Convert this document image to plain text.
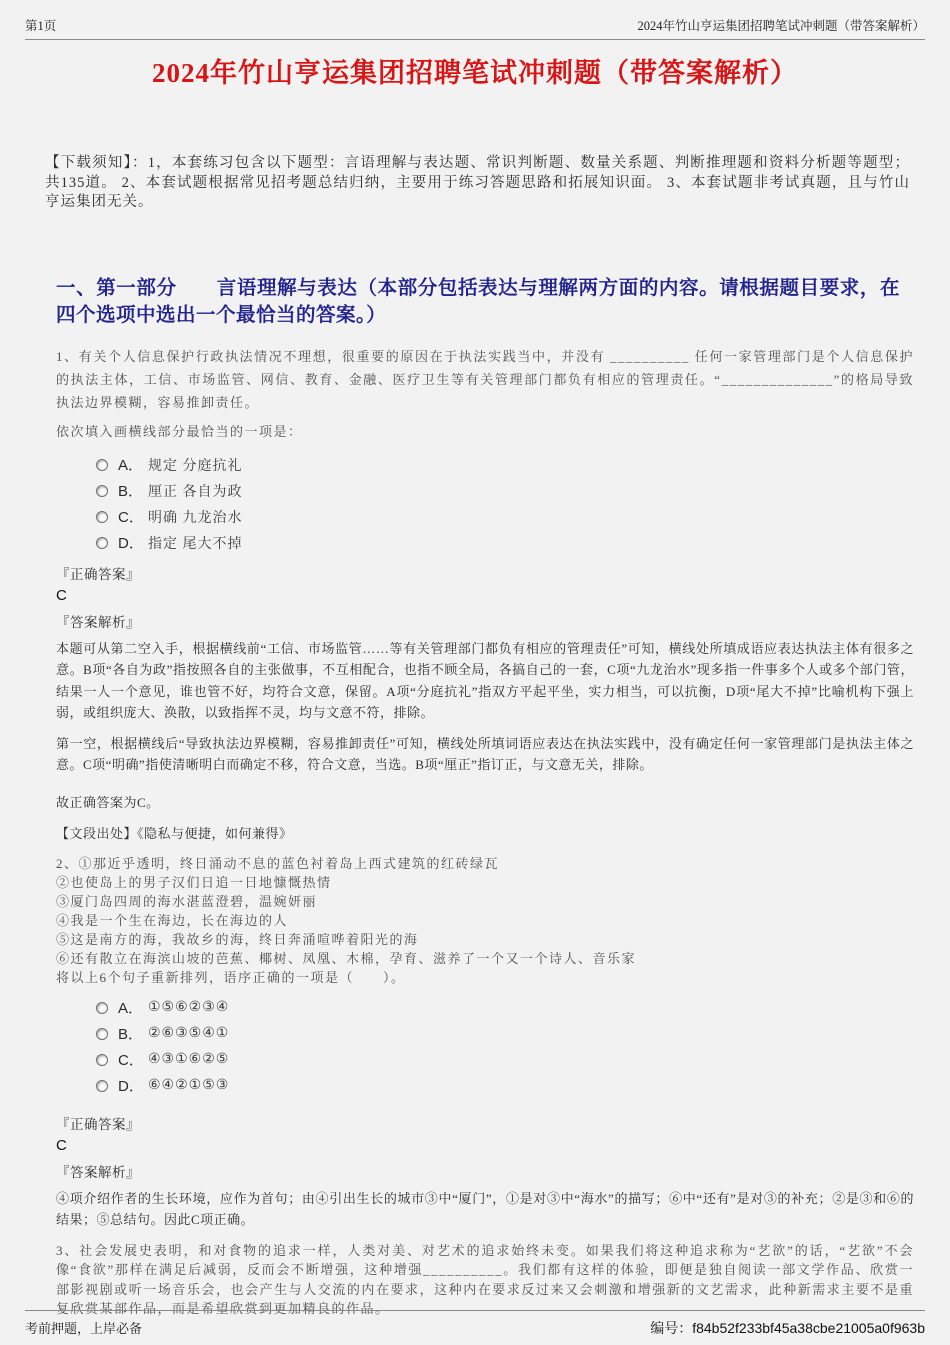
第1页	2024年竹山亨运集团招聘笔试冲刺题（带答案解析）
2024年竹山亨运集团招聘笔试冲刺题（带答案解析）
【下载须知】：1，本套练习包含以下题型：言语理解与表达题、常识判断题、数量关系题、判断推理题和资料分析题等题型；共135道。 2、本套试题根据常见招考题总结归纳，主要用于练习答题思路和拓展知识面。 3、本套试题非考试真题，且与竹山亨运集团无关。
一、第一部分　　言语理解与表达（本部分包括表达与理解两方面的内容。请根据题目要求，在四个选项中选出一个最恰当的答案。）
1、有关个人信息保护行政执法情况不理想，很重要的原因在于执法实践当中，并没有 __________ 任何一家管理部门是个人信息保护的执法主体，工信、市场监管、网信、教育、金融、医疗卫生等有关管理部门都负有相应的管理责任。“______________”的格局导致执法边界模糊，容易推卸责任。
依次填入画横线部分最恰当的一项是：
A． 规定 分庭抗礼
B． 厘正 各自为政
C． 明确 九龙治水
D． 指定 尾大不掉
『正确答案』
C
『答案解析』
本题可从第二空入手，根据横线前“工信、市场监管……等有关管理部门都负有相应的管理责任”可知，横线处所填成语应表达执法主体有很多之意。B项“各自为政”指按照各自的主张做事，不互相配合，也指不顾全局，各搞自己的一套，C项“九龙治水”现多指一件事多个人或多个部门管，结果一人一个意见，谁也管不好，均符合文意，保留。A项“分庭抗礼”指双方平起平坐，实力相当，可以抗衡，D项“尾大不掉”比喻机构下强上弱，或组织庞大、涣散，以致指挥不灵，均与文意不符，排除。
第一空，根据横线后“导致执法边界模糊，容易推卸责任”可知，横线处所填词语应表达在执法实践中，没有确定任何一家管理部门是执法主体之意。C项“明确”指使清晰明白而确定不移，符合文意，当选。B项“厘正”指订正，与文意无关，排除。
故正确答案为C。
【文段出处】《隐私与便捷，如何兼得》
2、①那近乎透明，终日涌动不息的蓝色衬着岛上西式建筑的红砖绿瓦
②也使岛上的男子汉们日追一日地慷慨热情
③厦门岛四周的海水湛蓝澄碧，温婉妍丽
④我是一个生在海边，长在海边的人
⑤这是南方的海，我故乡的海，终日奔涌喧哗着阳光的海
⑥还有散立在海滨山坡的芭蕉、椰树、凤凰、木棉，孕育、滋养了一个又一个诗人、音乐家
将以上6个句子重新排列，语序正确的一项是（　　）。
A． ①⑤⑥②③④
B． ②⑥③⑤④①
C． ④③①⑥②⑤
D． ⑥④②①⑤③
『正确答案』
C
『答案解析』
④项介绍作者的生长环境，应作为首句；由④引出生长的城市③中“厦门”，①是对③中“海水”的描写；⑥中“还有”是对③的补充；②是③和⑥的结果；⑤总结句。因此C项正确。
3、社会发展史表明，和对食物的追求一样，人类对美、对艺术的追求始终未变。如果我们将这种追求称为“艺欲”的话，“艺欲”不会像“食欲”那样在满足后减弱，反而会不断增强，这种增强__________。我们都有这样的体验，即便是独自阅读一部文学作品、欣赏一部影视剧或听一场音乐会，也会产生与人交流的内在要求，这种内在要求反过来又会刺激和增强新的文艺需求，此种新需求主要不是重复欣赏某部作品，而是希望欣赏到更加精良的作品。
考前押题，上岸必备	编号：f84b52f233bf45a38cbe21005a0f963b
